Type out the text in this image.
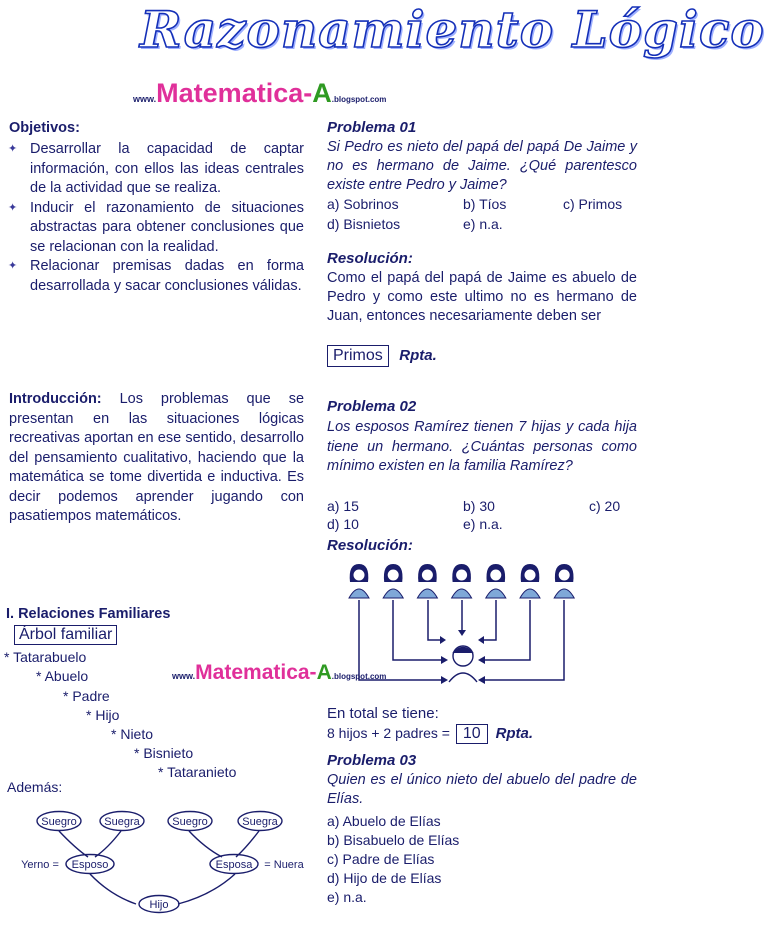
Razonamiento Lógico
www.Matematica-A.blogspot.com
Objetivos:
✦ Desarrollar la capacidad de captar información, con ellos las ideas centrales de la actividad que se realiza.
✦ Inducir el razonamiento de situaciones abstractas para obtener conclusiones que se relacionan con la realidad.
✦ Relacionar premisas dadas en forma desarrollada y sacar conclusiones válidas.
Introducción: Los problemas que se presentan en las situaciones lógicas recreativas aportan en ese sentido, desarrollo del pensamiento cualitativo, haciendo que la matemática se tome divertida e inductiva. Es decir podemos aprender jugando con pasatiempos matemáticos.
I. Relaciones Familiares
Árbol familiar
* Tatarabuelo
* Abuelo
* Padre
* Hijo
* Nieto
* Bisnieto
* Tataranieto
www.Matematica-A.blogspot.com
Además:
Suegro	Suegra	Suegro	Suegra
Esposo	Esposa
Hijo
Yerno =	= Nuera
Problema 01
Si Pedro es nieto del papá del papá De Jaime y no es hermano de Jaime. ¿Qué parentesco existe entre Pedro y Jaime?
a) Sobrinos	b) Tíos	c) Primos
d) Bisnietos	e) n.a.
Resolución:
Como el papá del papá de Jaime es abuelo de Pedro y como este ultimo no es hermano de Juan, entonces necesariamente deben ser
Primos Rpta.
Problema 02
Los esposos Ramírez tienen 7 hijas y cada hija tiene un hermano. ¿Cuántas personas como mínimo existen en la familia Ramírez?
a) 15	b) 30	c) 20
d) 10	e) n.a.
Resolución:
En total se tiene:
8 hijos + 2 padres = 10 Rpta.
Problema 03
Quien es el único nieto del abuelo del padre de Elías.
a) Abuelo de Elías
b) Bisabuelo de Elías
c) Padre de Elías
d) Hijo de de Elías
e) n.a.
